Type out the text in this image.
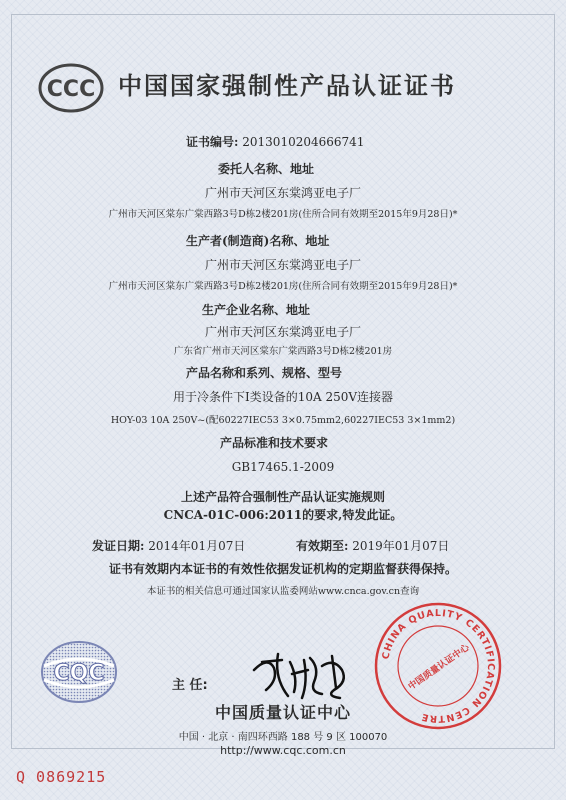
CCC 中国国家强制性产品认证证书
证书编号: 2013010204666741
委托人名称、地址
广州市天河区东棠鸿亚电子厂
广州市天河区棠东广棠西路3号D栋2楼201房(住所合同有效期至2015年9月28日)*
生产者(制造商)名称、地址
广州市天河区东棠鸿亚电子厂
广州市天河区棠东广棠西路3号D栋2楼201房(住所合同有效期至2015年9月28日)*
生产企业名称、地址
广州市天河区东棠鸿亚电子厂
广东省广州市天河区棠东广棠西路3号D栋2楼201房
产品名称和系列、规格、型号
用于冷条件下Ⅰ类设备的10A 250V连接器
HOY-03 10A 250V~(配60227IEC53 3×0.75mm2,60227IEC53 3×1mm2)
产品标准和技术要求
GB17465.1-2009
上述产品符合强制性产品认证实施规则
CNCA-01C-006:2011的要求,特发此证。
发证日期: 2014年01月07日	有效期至: 2019年01月07日
证书有效期内本证书的有效性依据发证机构的定期监督获得保持。
本证书的相关信息可通过国家认监委网站www.cnca.gov.cn查询
CQC	主 任:
CHINA QUALITY CERTIFICATION CENTRE
中国质量认证中心
中国质量认证中心
中国 · 北京 · 南四环西路 188 号 9 区 100070
http://www.cqc.com.cn
Q 0869215
